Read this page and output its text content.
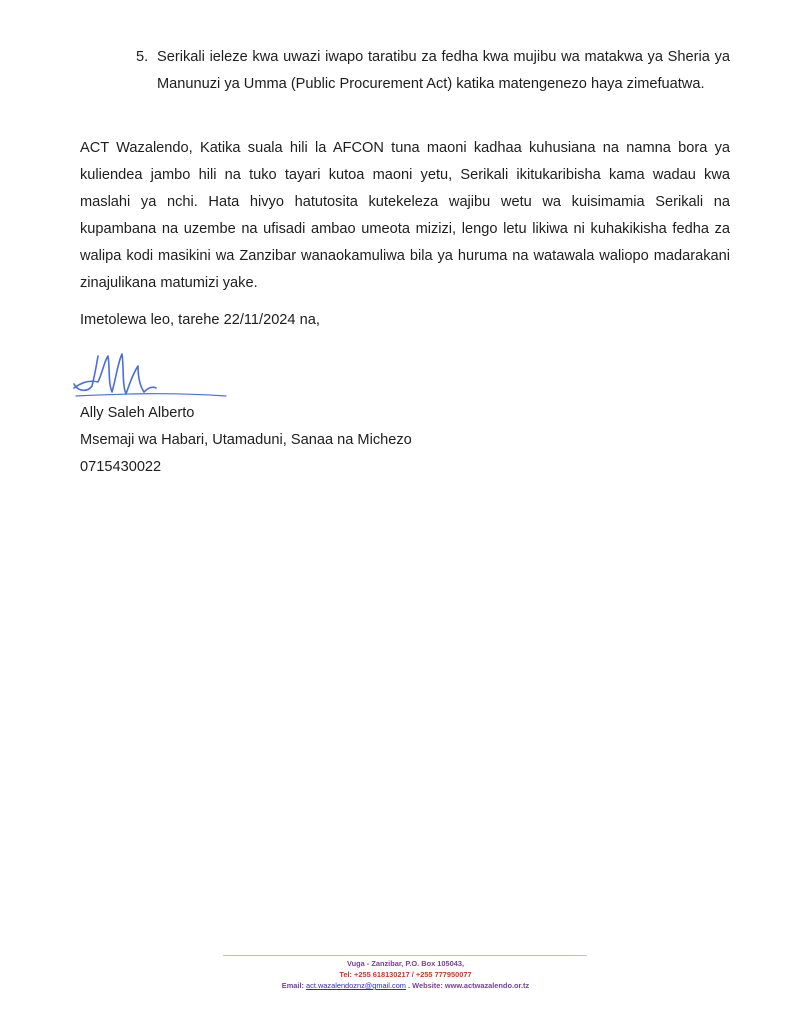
5. Serikali ieleze kwa uwazi iwapo taratibu za fedha kwa mujibu wa matakwa ya Sheria ya Manunuzi ya Umma (Public Procurement Act) katika matengenezo haya zimefuatwa.
ACT Wazalendo, Katika suala hili la AFCON tuna maoni kadhaa kuhusiana na namna bora ya kuliendea jambo hili na tuko tayari kutoa maoni yetu, Serikali ikitukaribisha kama wadau kwa maslahi ya nchi. Hata hivyo hatutosita kutekeleza wajibu wetu wa kuisimamia Serikali na kupambana na uzembe na ufisadi ambao umeota mizizi, lengo letu likiwa ni kuhakikisha fedha za walipa kodi masikini wa Zanzibar wanaokamuliwa bila ya huruma na watawala waliopo madarakani zinajulikana matumizi yake.
Imetolewa leo, tarehe 22/11/2024 na,
Ally Saleh Alberto
Msemaji wa Habari, Utamaduni, Sanaa na Michezo
0715430022
Vuga - Zanzibar, P.O. Box 105043,
Tel: +255 618130217 / +255 777950077
Email: act.wazalendoznz@gmail.com . Website: www.actwazalendo.or.tz
